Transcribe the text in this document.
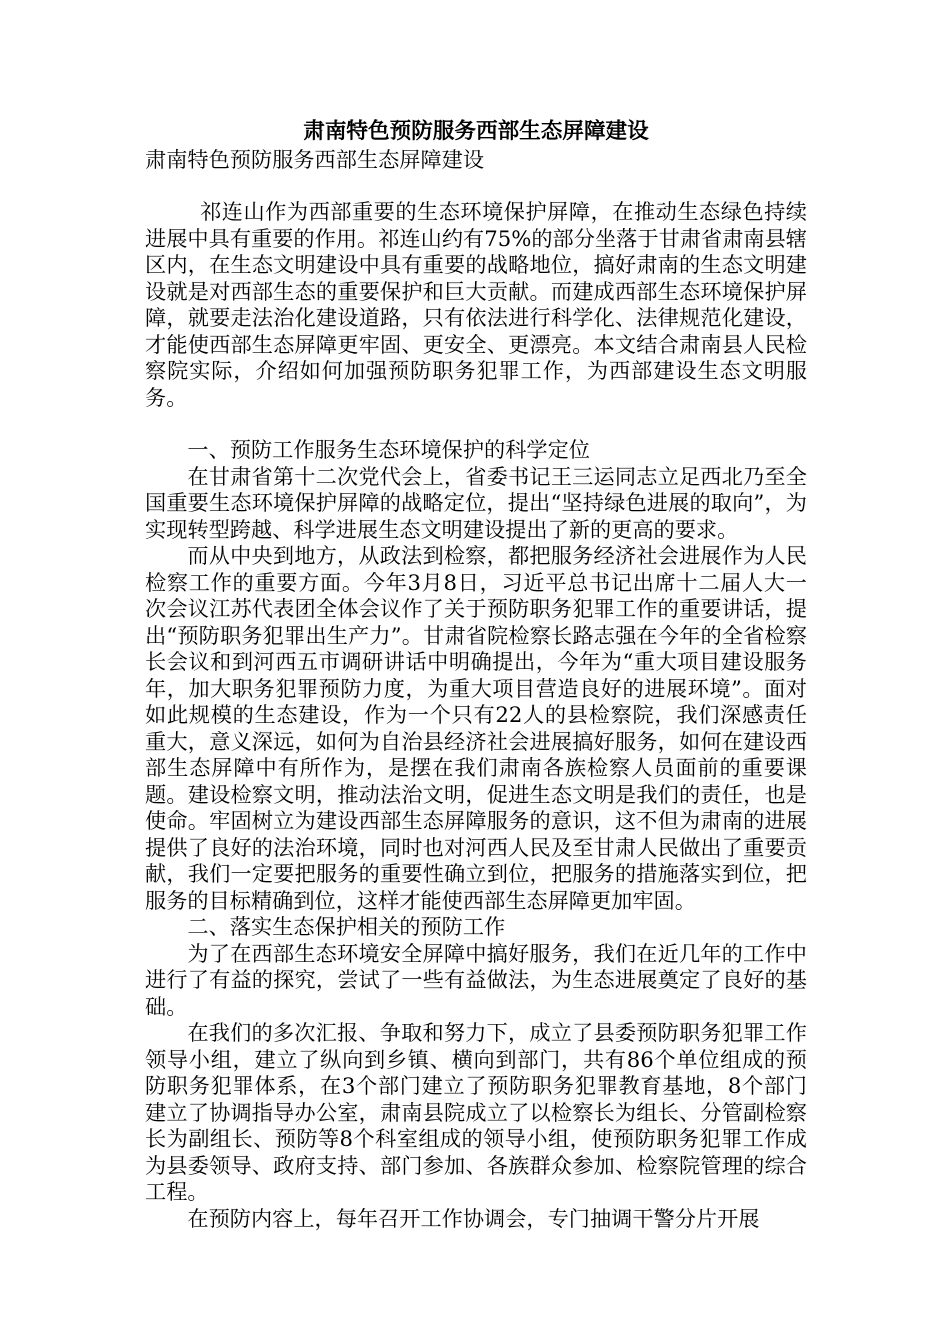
肃南特色预防服务西部生态屏障建设

肃南特色预防服务西部生态屏障建设

祁连山作为西部重要的生态环境保护屏障，在推动生态绿色持续进展中具有重要的作用。祁连山约有75%的部分坐落于甘肃省肃南县辖区内，在生态文明建设中具有重要的战略地位，搞好肃南的生态文明建设就是对西部生态的重要保护和巨大贡献。而建成西部生态环境保护屏障，就要走法治化建设道路，只有依法进行科学化、法律规范化建设，才能使西部生态屏障更牢固、更安全、更漂亮。本文结合肃南县人民检察院实际，介绍如何加强预防职务犯罪工作，为西部建设生态文明服务。

一、预防工作服务生态环境保护的科学定位

在甘肃省第十二次党代会上，省委书记王三运同志立足西北乃至全国重要生态环境保护屏障的战略定位，提出“坚持绿色进展的取向”，为实现转型跨越、科学进展生态文明建设提出了新的更高的要求。

而从中央到地方，从政法到检察，都把服务经济社会进展作为人民检察工作的重要方面。今年3月8日，习近平总书记出席十二届人大一次会议江苏代表团全体会议作了关于预防职务犯罪工作的重要讲话，提出“预防职务犯罪出生产力”。甘肃省院检察长路志强在今年的全省检察长会议和到河西五市调研讲话中明确提出，今年为“重大项目建设服务年，加大职务犯罪预防力度，为重大项目营造良好的进展环境”。面对如此规模的生态建设，作为一个只有22人的县检察院，我们深感责任重大，意义深远，如何为自治县经济社会进展搞好服务，如何在建设西部生态屏障中有所作为，是摆在我们肃南各族检察人员面前的重要课题。建设检察文明，推动法治文明，促进生态文明是我们的责任，也是使命。牢固树立为建设西部生态屏障服务的意识，这不但为肃南的进展提供了良好的法治环境，同时也对河西人民及至甘肃人民做出了重要贡献，我们一定要把服务的重要性确立到位，把服务的措施落实到位，把服务的目标精确到位，这样才能使西部生态屏障更加牢固。

二、落实生态保护相关的预防工作

为了在西部生态环境安全屏障中搞好服务，我们在近几年的工作中进行了有益的探究，尝试了一些有益做法，为生态进展奠定了良好的基础。

在我们的多次汇报、争取和努力下，成立了县委预防职务犯罪工作领导小组，建立了纵向到乡镇、横向到部门，共有86个单位组成的预防职务犯罪体系，在3个部门建立了预防职务犯罪教育基地，8个部门建立了协调指导办公室，肃南县院成立了以检察长为组长、分管副检察长为副组长、预防等8个科室组成的领导小组，使预防职务犯罪工作成为县委领导、政府支持、部门参加、各族群众参加、检察院管理的综合工程。

在预防内容上，每年召开工作协调会，专门抽调干警分片开展
